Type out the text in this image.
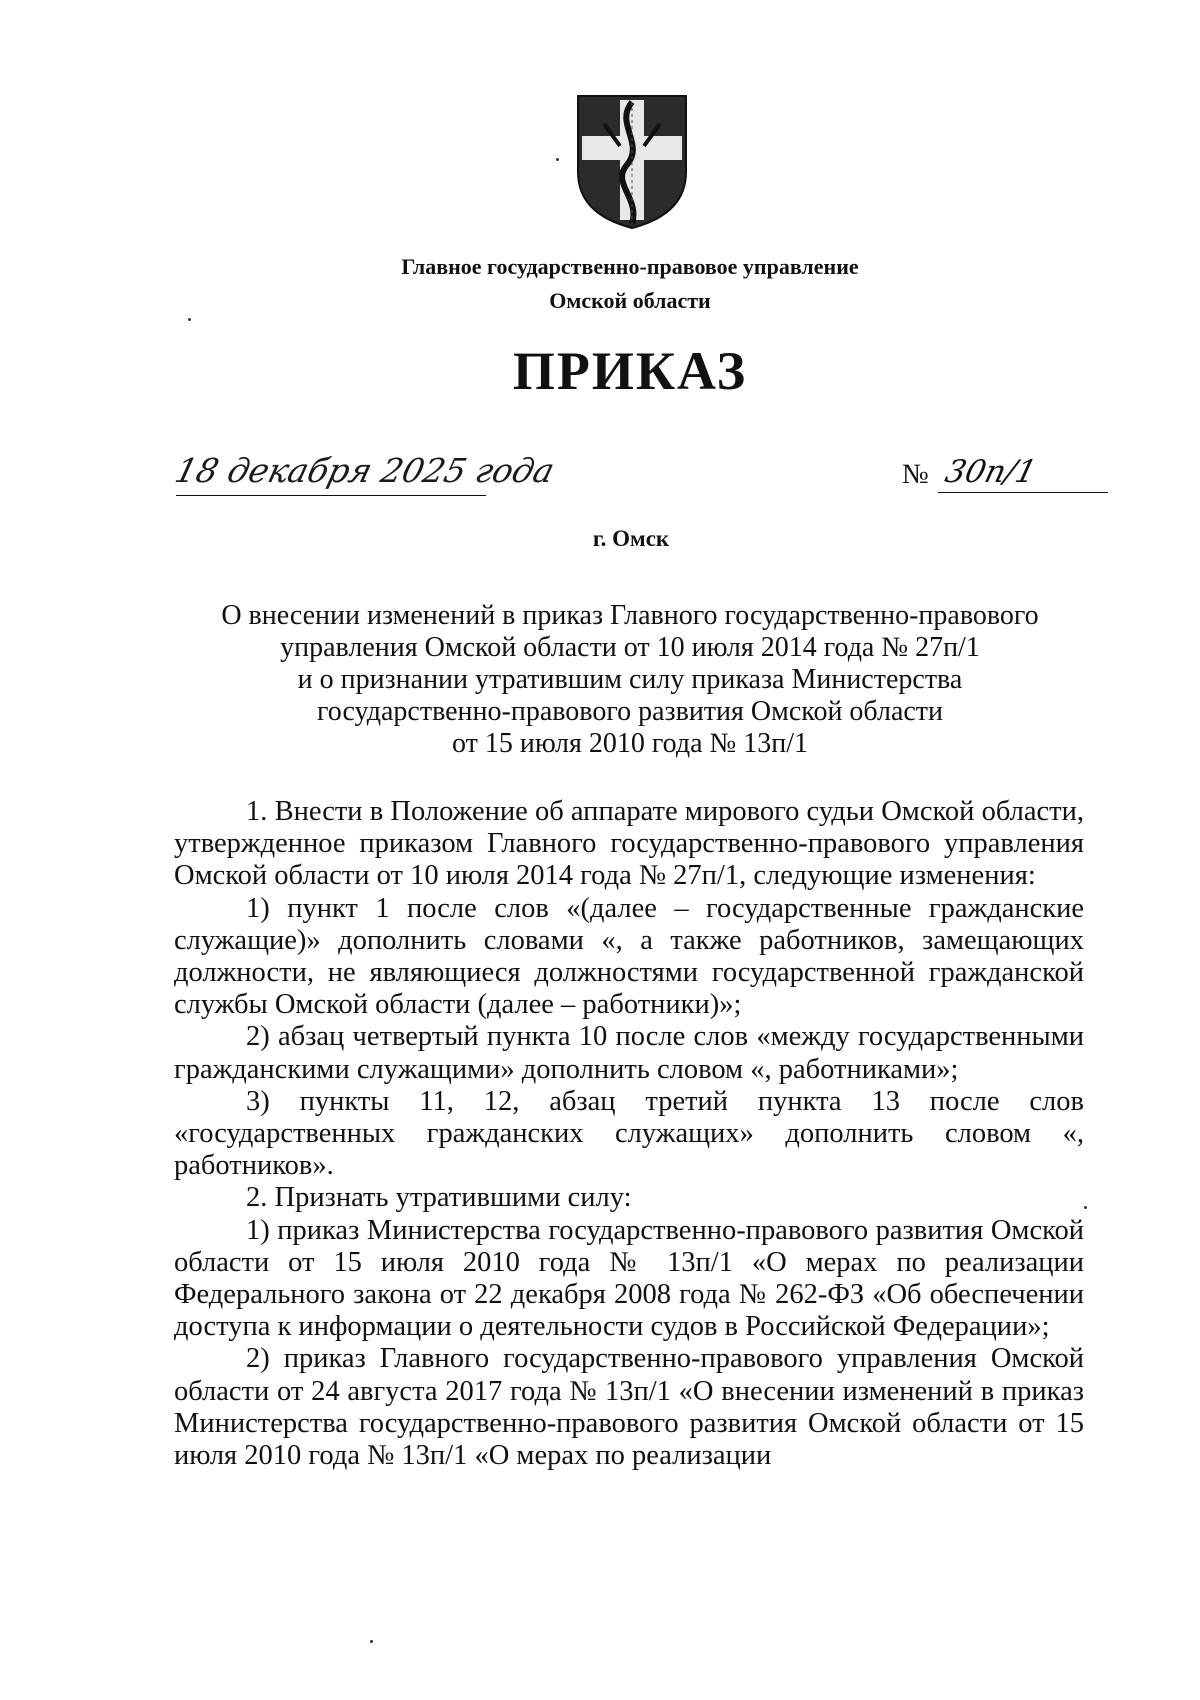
Главное государственно-правовое управление
Омской области
ПРИКАЗ
18 декабря 2025 года	№ 30п/1
г. Омск
О внесении изменений в приказ Главного государственно-правового
управления Омской области от 10 июля 2014 года № 27п/1
и о признании утратившим силу приказа Министерства
государственно-правового развития Омской области
от 15 июля 2010 года № 13п/1

1. Внести в Положение об аппарате мирового судьи Омской области, утвержденное приказом Главного государственно-правового управления Омской области от 10 июля 2014 года № 27п/1, следующие изменения:

1) пункт 1 после слов «(далее – государственные гражданские служащие)» дополнить словами «, а также работников, замещающих должности, не являющиеся должностями государственной гражданской службы Омской области (далее – работники)»;

2) абзац четвертый пункта 10 после слов «между государственными гражданскими служащими» дополнить словом «, работниками»;

3) пункты 11, 12, абзац третий пункта 13 после слов «государственных гражданских служащих» дополнить словом «, работников».

2. Признать утратившими силу:

1) приказ Министерства государственно-правового развития Омской области от 15 июля 2010 года № 13п/1 «О мерах по реализации Федерального закона от 22 декабря 2008 года № 262-ФЗ «Об обеспечении доступа к информации о деятельности судов в Российской Федерации»;

2) приказ Главного государственно-правового управления Омской области от 24 августа 2017 года № 13п/1 «О внесении изменений в приказ Министерства государственно-правового развития Омской области от 15 июля 2010 года № 13п/1 «О мерах по реализации
